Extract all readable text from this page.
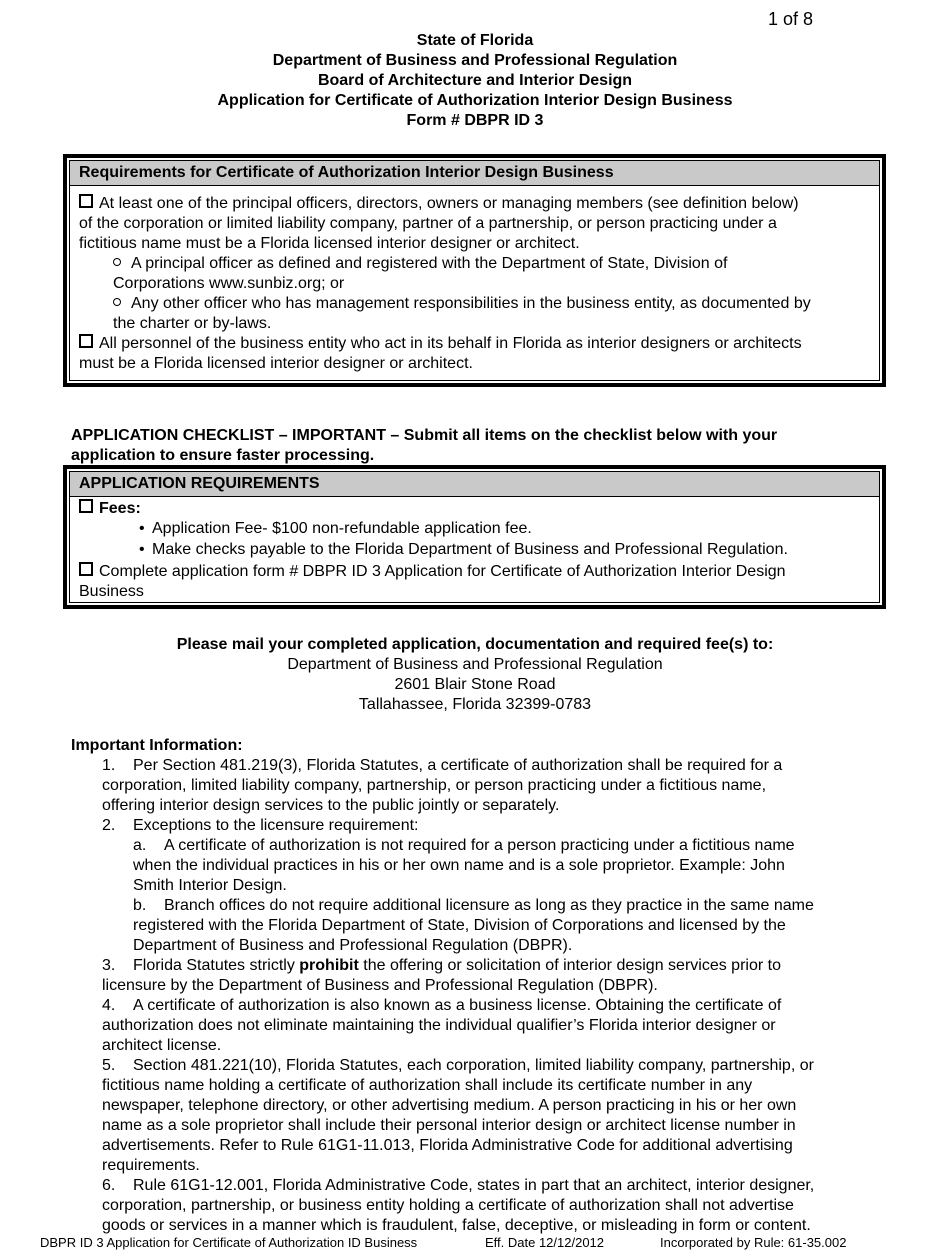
1 of 8
State of Florida
Department of Business and Professional Regulation
Board of Architecture and Interior Design
Application for Certificate of Authorization Interior Design Business
Form # DBPR ID 3
Requirements for Certificate of Authorization Interior Design Business
At least one of the principal officers, directors, owners or managing members (see definition below)
of the corporation or limited liability company, partner of a partnership, or person practicing under a
fictitious name must be a Florida licensed interior designer or architect.
A principal officer as defined and registered with the Department of State, Division of
Corporations www.sunbiz.org; or
Any other officer who has management responsibilities in the business entity, as documented by
the charter or by-laws.
All personnel of the business entity who act in its behalf in Florida as interior designers or architects
must be a Florida licensed interior designer or architect.
APPLICATION CHECKLIST – IMPORTANT – Submit all items on the checklist below with your
application to ensure faster processing.
APPLICATION REQUIREMENTS
Fees:
• Application Fee- $100 non-refundable application fee.
• Make checks payable to the Florida Department of Business and Professional Regulation.
Complete application form # DBPR ID 3 Application for Certificate of Authorization Interior Design
Business
Please mail your completed application, documentation and required fee(s) to:
Department of Business and Professional Regulation
2601 Blair Stone Road
Tallahassee, Florida 32399-0783
Important Information:
1. Per Section 481.219(3), Florida Statutes, a certificate of authorization shall be required for a
corporation, limited liability company, partnership, or person practicing under a fictitious name,
offering interior design services to the public jointly or separately.
2. Exceptions to the licensure requirement:
a. A certificate of authorization is not required for a person practicing under a fictitious name
when the individual practices in his or her own name and is a sole proprietor. Example: John
Smith Interior Design.
b. Branch offices do not require additional licensure as long as they practice in the same name
registered with the Florida Department of State, Division of Corporations and licensed by the
Department of Business and Professional Regulation (DBPR).
3. Florida Statutes strictly prohibit the offering or solicitation of interior design services prior to
licensure by the Department of Business and Professional Regulation (DBPR).
4. A certificate of authorization is also known as a business license. Obtaining the certificate of
authorization does not eliminate maintaining the individual qualifier’s Florida interior designer or
architect license.
5. Section 481.221(10), Florida Statutes, each corporation, limited liability company, partnership, or
fictitious name holding a certificate of authorization shall include its certificate number in any
newspaper, telephone directory, or other advertising medium. A person practicing in his or her own
name as a sole proprietor shall include their personal interior design or architect license number in
advertisements. Refer to Rule 61G1-11.013, Florida Administrative Code for additional advertising
requirements.
6. Rule 61G1-12.001, Florida Administrative Code, states in part that an architect, interior designer,
corporation, partnership, or business entity holding a certificate of authorization shall not advertise
goods or services in a manner which is fraudulent, false, deceptive, or misleading in form or content.
DBPR ID 3 Application for Certificate of Authorization ID Business	Eff. Date 12/12/2012	Incorporated by Rule: 61-35.002
